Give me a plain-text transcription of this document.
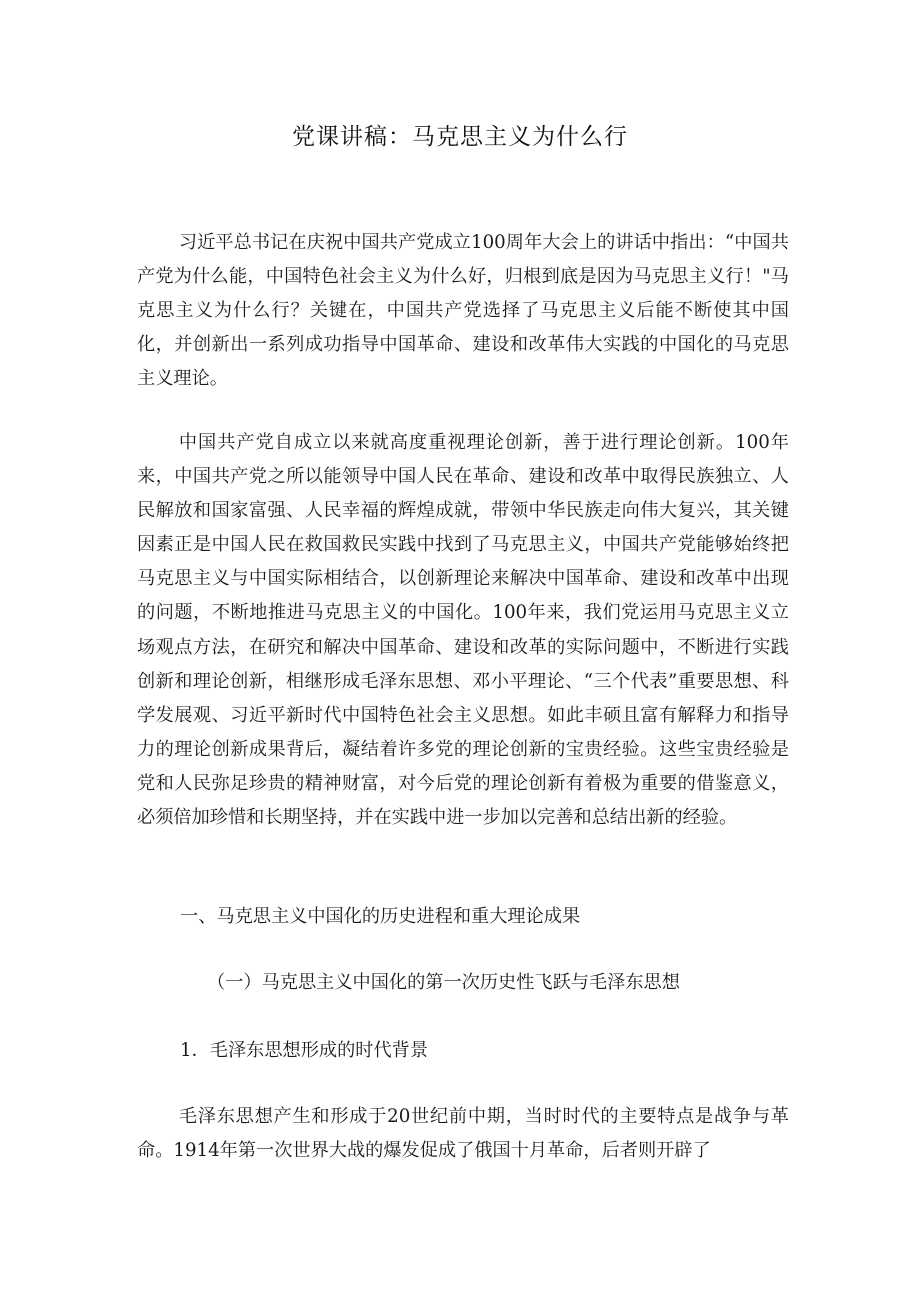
党课讲稿：马克思主义为什么行

习近平总书记在庆祝中国共产党成立100周年大会上的讲话中指出：“中国共产党为什么能，中国特色社会主义为什么好，归根到底是因为马克思主义行！"马克思主义为什么行？关键在，中国共产党选择了马克思主义后能不断使其中国化，并创新出一系列成功指导中国革命、建设和改革伟大实践的中国化的马克思主义理论。

中国共产党自成立以来就高度重视理论创新，善于进行理论创新。100年来，中国共产党之所以能领导中国人民在革命、建设和改革中取得民族独立、人民解放和国家富强、人民幸福的辉煌成就，带领中华民族走向伟大复兴，其关键因素正是中国人民在救国救民实践中找到了马克思主义，中国共产党能够始终把马克思主义与中国实际相结合，以创新理论来解决中国革命、建设和改革中出现的问题，不断地推进马克思主义的中国化。100年来，我们党运用马克思主义立场观点方法，在研究和解决中国革命、建设和改革的实际问题中，不断进行实践创新和理论创新，相继形成毛泽东思想、邓小平理论、“三个代表”重要思想、科学发展观、习近平新时代中国特色社会主义思想。如此丰硕且富有解释力和指导力的理论创新成果背后，凝结着许多党的理论创新的宝贵经验。这些宝贵经验是党和人民弥足珍贵的精神财富，对今后党的理论创新有着极为重要的借鉴意义，必须倍加珍惜和长期坚持，并在实践中进一步加以完善和总结出新的经验。

一、马克思主义中国化的历史进程和重大理论成果

（一）马克思主义中国化的第一次历史性飞跃与毛泽东思想

1．毛泽东思想形成的时代背景

毛泽东思想产生和形成于20世纪前中期，当时时代的主要特点是战争与革命。1914年第一次世界大战的爆发促成了俄国十月革命，后者则开辟了
